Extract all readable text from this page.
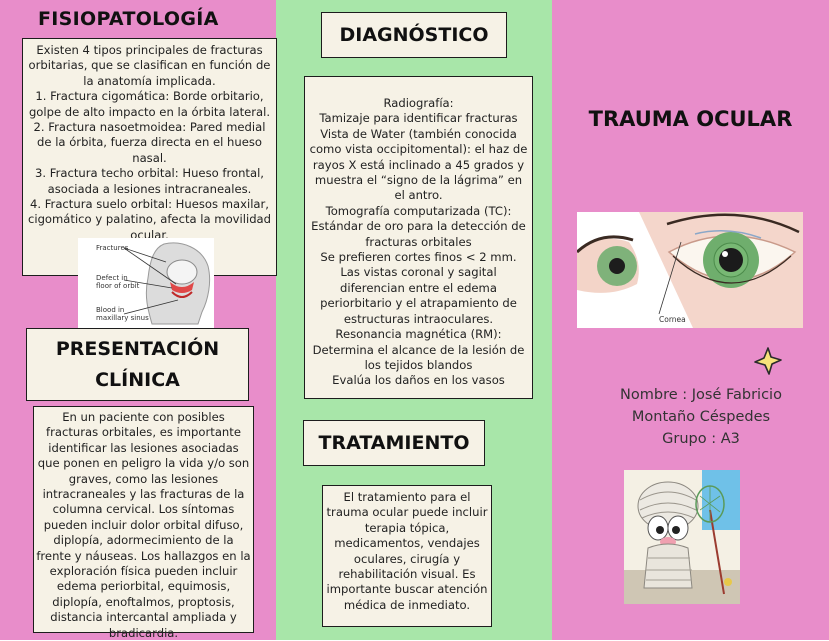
FISIOPATOLOGÍA
Existen 4 tipos principales de fracturas orbitarias, que se clasifican en función de la anatomía implicada.
1. Fractura cigomática: Borde orbitario, golpe de alto impacto en la órbita lateral.
2. Fractura nasoetmoidea: Pared medial de la órbita, fuerza directa en el hueso nasal.
3. Fractura techo orbital: Hueso frontal, asociada a lesiones intracraneales.
4. Fractura suelo orbital: Huesos maxilar, cigomático y palatino, afecta la movilidad ocular.
Fractures
Defect in floor of orbit
Blood in maxillary sinus
PRESENTACIÓN
CLÍNICA
En un paciente con posibles fracturas orbitales, es importante identificar las lesiones asociadas que ponen en peligro la vida y/o son graves, como las lesiones intracraneales y las fracturas de la columna cervical. Los síntomas pueden incluir dolor orbital difuso, diplopía, adormecimiento de la frente y náuseas. Los hallazgos en la exploración física pueden incluir edema periorbital, equimosis, diplopía, enoftalmos, proptosis, distancia intercantal ampliada y bradicardia.
DIAGNÓSTICO
Radiografía:
Tamizaje para identificar fracturas
Vista de Water (también conocida como vista occipitomental): el haz de rayos X está inclinado a 45 grados y muestra el “signo de la lágrima” en el antro.
Tomografía computarizada (TC):
Estándar de oro para la detección de fracturas orbitales
Se prefieren cortes finos < 2 mm.
Las vistas coronal y sagital diferencian entre el edema periorbitario y el atrapamiento de estructuras intraoculares.
Resonancia magnética (RM):
Determina el alcance de la lesión de los tejidos blandos
Evalúa los daños en los vasos
TRATAMIENTO
El tratamiento para el trauma ocular puede incluir terapia tópica, medicamentos, vendajes oculares, cirugía y rehabilitación visual. Es importante buscar atención médica de inmediato.
TRAUMA OCULAR
Cornea
Nombre : José Fabricio
Montaño Céspedes
Grupo : A3
